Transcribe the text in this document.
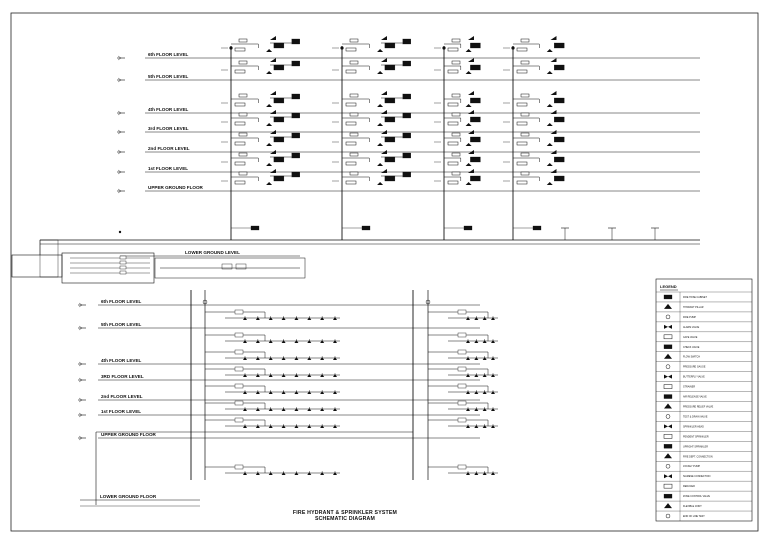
6th FLOOR LEVEL
5th FLOOR LEVEL
4th FLOOR LEVEL
3rd FLOOR LEVEL
2nd FLOOR LEVEL
1st FLOOR LEVEL
UPPER GROUND FLOOR
LOWER GROUND LEVEL
6th FLOOR LEVEL
5th FLOOR LEVEL
4th FLOOR LEVEL
3RD FLOOR LEVEL
2nd FLOOR LEVEL
1st FLOOR LEVEL
UPPER GROUND FLOOR
LOWER GROUND FLOOR
LEGEND
FIRE HOSE CABINET
HYDRANT PILLAR
FIRE PUMP
ALARM VALVE
GATE VALVE
CHECK VALVE
FLOW SWITCH
PRESSURE GAUGE
BUTTERFLY VALVE
STRAINER
AIR RELEASE VALVE
PRESSURE RELIEF VALVE
TEST & DRAIN VALVE
SPRINKLER HEAD
PENDENT SPRINKLER
UPRIGHT SPRINKLER
FIRE DEPT. CONNECTION
JOCKEY PUMP
SIAMESE CONNECTION
REDUCER
ZONE CONTROL VALVE
FLEXIBLE JOINT
END OF LINE TEST
FIRE HYDRANT & SPRINKLER SYSTEM
SCHEMATIC DIAGRAM
